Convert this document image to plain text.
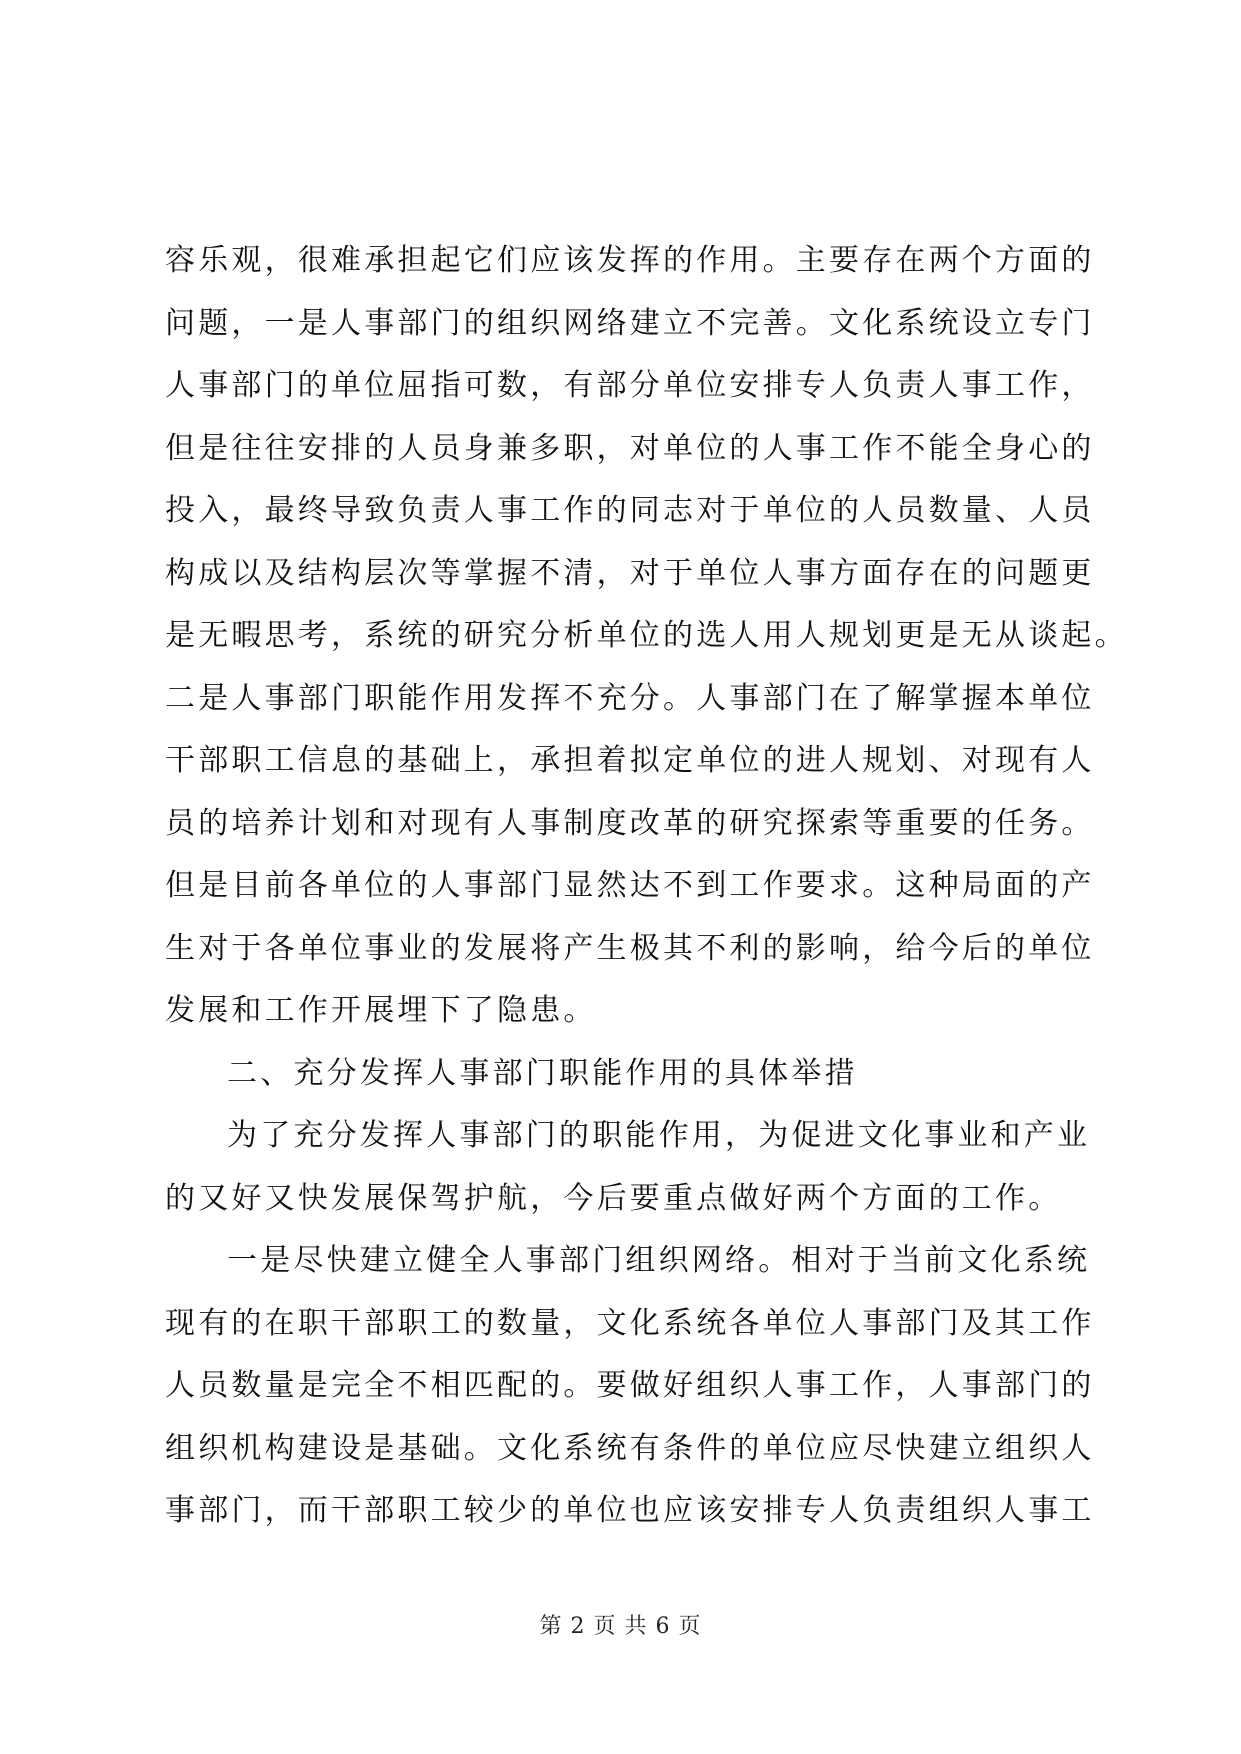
容乐观，很难承担起它们应该发挥的作用。主要存在两个方面的
问题，一是人事部门的组织网络建立不完善。文化系统设立专门
人事部门的单位屈指可数，有部分单位安排专人负责人事工作，
但是往往安排的人员身兼多职，对单位的人事工作不能全身心的
投入，最终导致负责人事工作的同志对于单位的人员数量、人员
构成以及结构层次等掌握不清，对于单位人事方面存在的问题更
是无暇思考，系统的研究分析单位的选人用人规划更是无从谈起。
二是人事部门职能作用发挥不充分。人事部门在了解掌握本单位
干部职工信息的基础上，承担着拟定单位的进人规划、对现有人
员的培养计划和对现有人事制度改革的研究探索等重要的任务。
但是目前各单位的人事部门显然达不到工作要求。这种局面的产
生对于各单位事业的发展将产生极其不利的影响，给今后的单位
发展和工作开展埋下了隐患。
二、充分发挥人事部门职能作用的具体举措
为了充分发挥人事部门的职能作用，为促进文化事业和产业
的又好又快发展保驾护航，今后要重点做好两个方面的工作。
一是尽快建立健全人事部门组织网络。相对于当前文化系统
现有的在职干部职工的数量，文化系统各单位人事部门及其工作
人员数量是完全不相匹配的。要做好组织人事工作，人事部门的
组织机构建设是基础。文化系统有条件的单位应尽快建立组织人
事部门，而干部职工较少的单位也应该安排专人负责组织人事工
第 2 页 共 6 页
